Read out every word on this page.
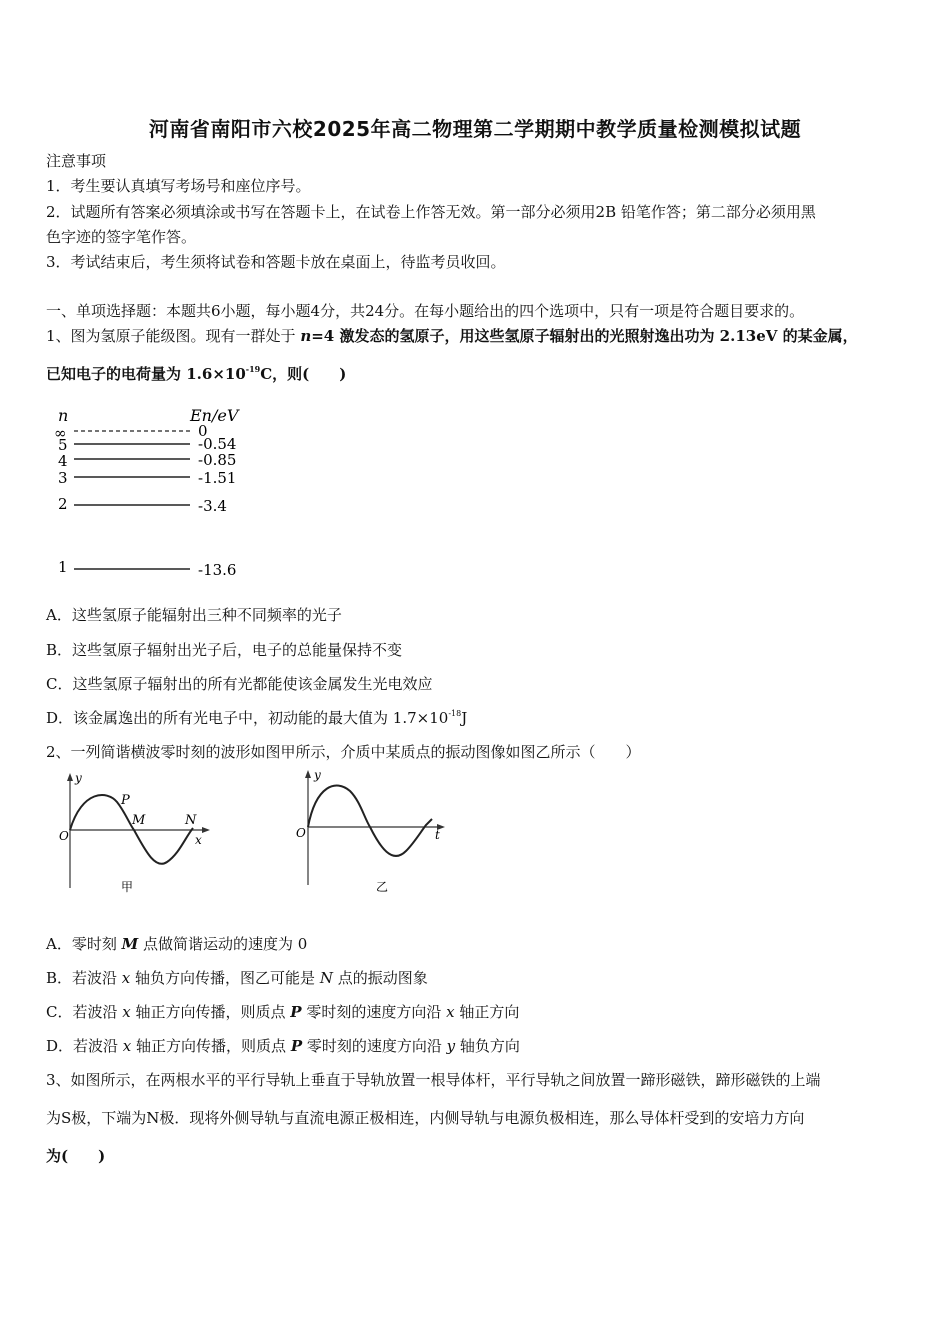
河南省南阳市六校2025年高二物理第二学期期中教学质量检测模拟试题
注意事项
1．考生要认真填写考场号和座位序号。
2．试题所有答案必须填涂或书写在答题卡上，在试卷上作答无效。第一部分必须用2B 铅笔作答；第二部分必须用黑
色字迹的签字笔作答。
3．考试结束后，考生须将试卷和答题卡放在桌面上，待监考员收回。
一、单项选择题：本题共6小题，每小题4分，共24分。在每小题给出的四个选项中，只有一项是符合题目要求的。
1、图为氢原子能级图。现有一群处于 n=4 激发态的氢原子，用这些氢原子辐射出的光照射逸出功为 2.13eV 的某金属，
已知电子的电荷量为 $1.6\times 10^{-19}C$，则(　　)
n	En/eV
∞	0
5	-0.54
4	-0.85
3	-1.51
2	-3.4
1	-13.6
A．这些氢原子能辐射出三种不同频率的光子
B．这些氢原子辐射出光子后，电子的总能量保持不变
C．这些氢原子辐射出的所有光都能使该金属发生光电效应
D．该金属逸出的所有光电子中，初动能的最大值为 $1.7\times 10^{-18}J$
2、一列简谐横波零时刻的波形如图甲所示，介质中某质点的振动图像如图乙所示（　　）
y
x
O
P
M	N
甲
y
t
O
乙
A．零时刻 M 点做简谐运动的速度为 0
B．若波沿 x 轴负方向传播，图乙可能是 N 点的振动图象
C．若波沿 x 轴正方向传播，则质点 P 零时刻的速度方向沿 x 轴正方向
D．若波沿 x 轴正方向传播，则质点 P 零时刻的速度方向沿 y 轴负方向
3、如图所示，在两根水平的平行导轨上垂直于导轨放置一根导体杆，平行导轨之间放置一蹄形磁铁，蹄形磁铁的上端
为S极，下端为N极．现将外侧导轨与直流电源正极相连，内侧导轨与电源负极相连，那么导体杆受到的安培力方向
为(　　)
